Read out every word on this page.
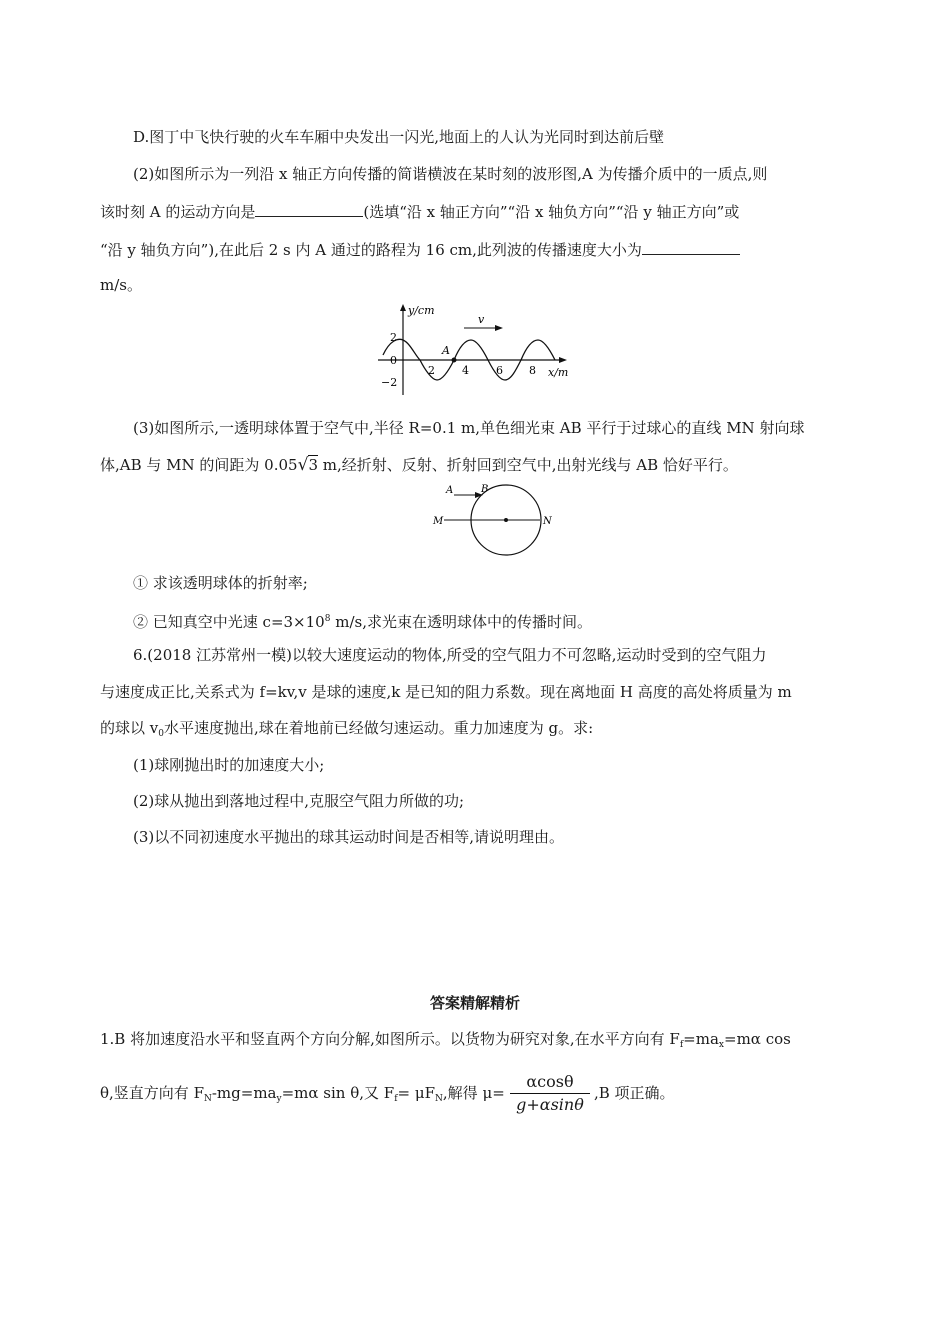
D.图丁中飞快行驶的火车车厢中央发出一闪光,地面上的人认为光同时到达前后壁
(2)如图所示为一列沿 x 轴正方向传播的简谐横波在某时刻的波形图,A 为传播介质中的一质点,则
该时刻 A 的运动方向是	(选填“沿 x 轴正方向”“沿 x 轴负方向”“沿 y 轴正方向”或
“沿 y 轴负方向”),在此后 2 s 内 A 通过的路程为 16 cm,此列波的传播速度大小为
m/s。
y/cm
x/m
2
0
−2
2 4 6 8
A
v
(3)如图所示,一透明球体置于空气中,半径 R=0.1 m,单色细光束 AB 平行于过球心的直线 MN 射向球
体,AB 与 MN 的间距为 0.05√3 m,经折射、反射、折射回到空气中,出射光线与 AB 恰好平行。
A	B
M	N
① 求该透明球体的折射率;
② 已知真空中光速 $c=3\times 10^8$ m/s,求光束在透明球体中的传播时间。
6.(2018 江苏常州一模)以较大速度运动的物体,所受的空气阻力不可忽略,运动时受到的空气阻力
与速度成正比,关系式为 f=kv,v 是球的速度,k 是已知的阻力系数。现在离地面 H 高度的高处将质量为 m
的球以 $v_0$水平速度抛出,球在着地前已经做匀速运动。重力加速度为 g。求:
(1)球刚抛出时的加速度大小;
(2)球从抛出到落地过程中,克服空气阻力所做的功;
(3)以不同初速度水平抛出的球其运动时间是否相等,请说明理由。
答案精解精析
1.B 将加速度沿水平和竖直两个方向分解,如图所示。以货物为研究对象,在水平方向有 $F_f=ma_x=m\alpha$ cos
θ,竖直方向有 $F_N-mg=ma_y=m\alpha$ sin θ,又 $F_f= \mu F_N$,解得 μ=
αcosθ
g+αsinθ
,B 项正确。
